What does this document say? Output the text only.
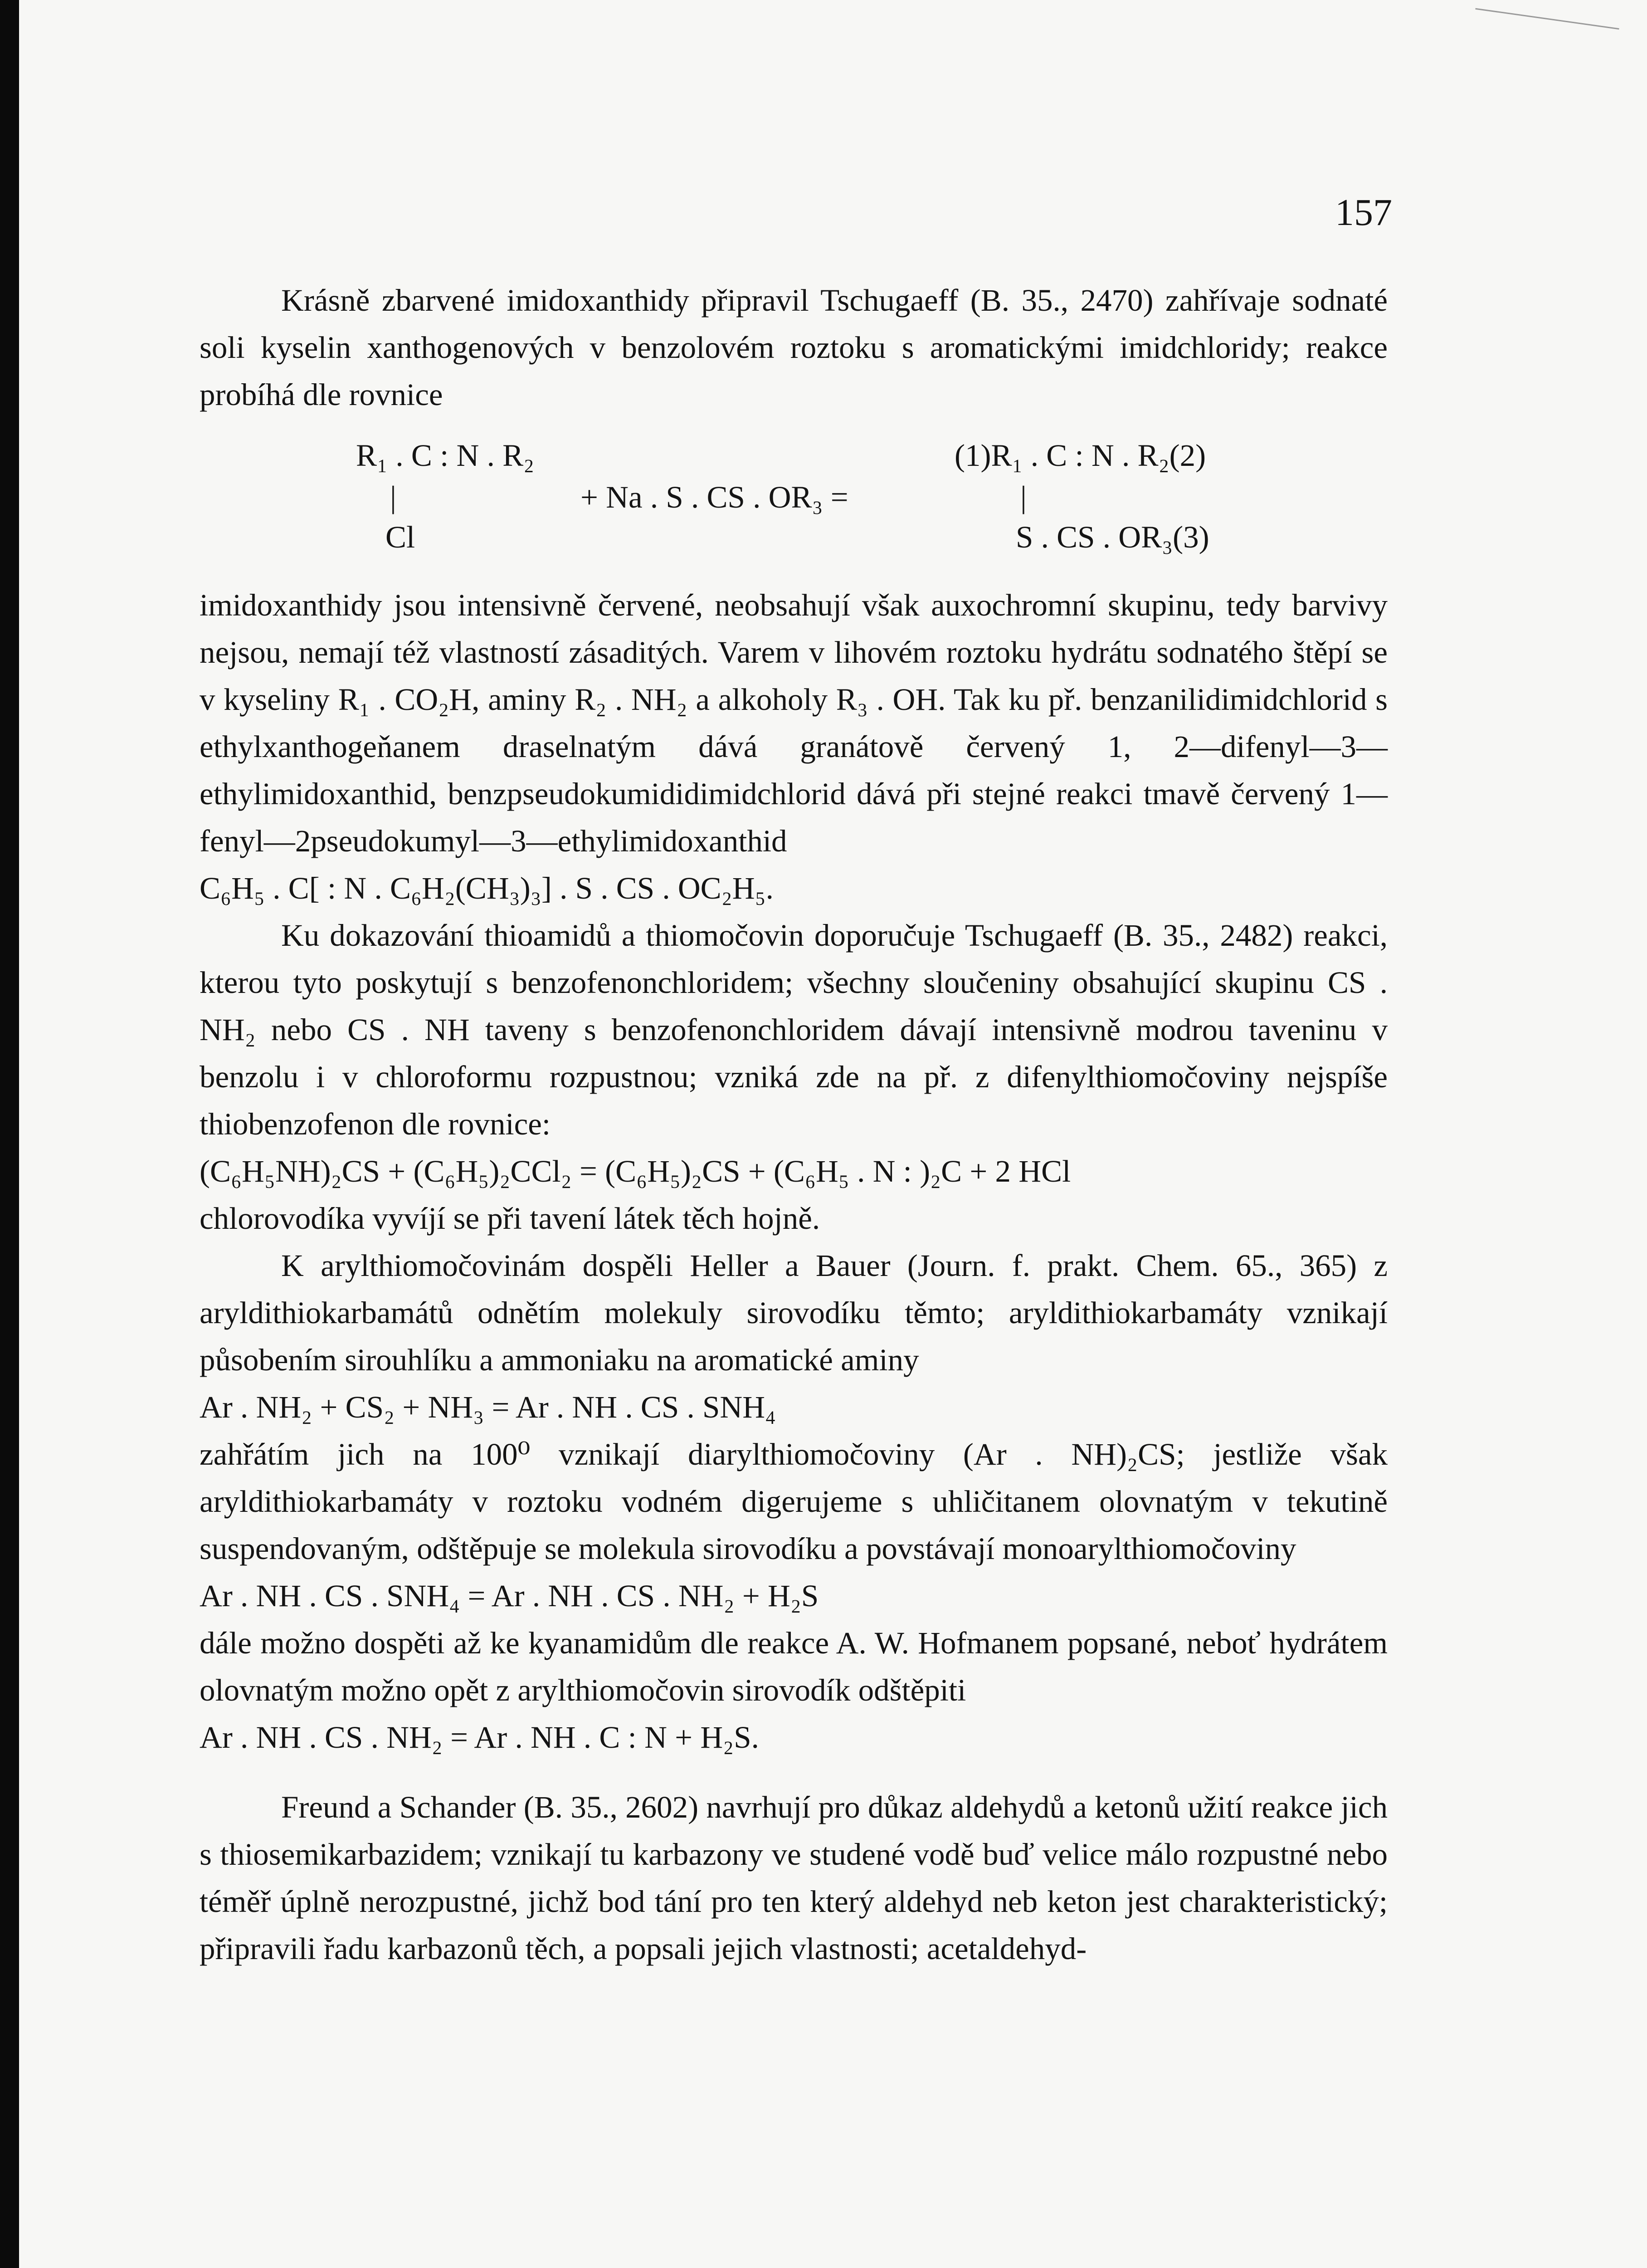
157

Krásně zbarvené imidoxanthidy připravil Tschugaeff (B. 35., 2470) zahřívaje sodnaté soli kyselin xanthogenových v benzolovém roztoku s aromatickými imidchloridy; reakce probíhá dle rovnice

R₁ . C : N . R₂
|
Cl
+ Na . S . CS . OR₃ =
(1)R₁ . C : N . R₂(2)
|
S . CS . OR₃(3)

imidoxanthidy jsou intensivně červené, neobsahují však auxochromní skupinu, tedy barvivy nejsou, nemají též vlastností zásaditých. Varem v lihovém roztoku hydrátu sodnatého štěpí se v kyseliny R₁ . CO₂H, aminy R₂ . NH₂ a alkoholy R₃ . OH. Tak ku př. benzanilidimidchlorid s ethylxanthogeňanem draselnatým dává granátově červený 1, 2—difenyl—3—ethylimidoxanthid, benzpseudokumididimidchlorid dává při stejné reakci tmavě červený 1—fenyl—2pseudokumyl—3—ethylimidoxanthid

C₆H₅ . C[ : N . C₆H₂(CH₃)₃] . S . CS . OC₂H₅.

Ku dokazování thioamidů a thiomočovin doporučuje Tschugaeff (B. 35., 2482) reakci, kterou tyto poskytují s benzofenonchloridem; všechny sloučeniny obsahující skupinu CS . NH₂ nebo CS . NH taveny s benzofenonchloridem dávají intensivně modrou taveninu v benzolu i v chloroformu rozpustnou; vzniká zde na př. z difenylthiomočoviny nejspíše thiobenzofenon dle rovnice:

(C₆H₅NH)₂CS + (C₆H₅)₂CCl₂ = (C₆H₅)₂CS + (C₆H₅ . N : )₂C + 2 HCl

chlorovodíka vyvíjí se při tavení látek těch hojně.

K arylthiomočovinám dospěli Heller a Bauer (Journ. f. prakt. Chem. 65., 365) z aryldithiokarbamátů odnětím molekuly sirovodíku těmto; aryldithiokarbamáty vznikají působením sirouhlíku a ammoniaku na aromatické aminy

Ar . NH₂ + CS₂ + NH₃ = Ar . NH . CS . SNH₄

zahřátím jich na 100⁰ vznikají diarylthiomočoviny (Ar . NH)₂CS; jestliže však aryldithiokarbamáty v roztoku vodném digerujeme s uhličitanem olovnatým v tekutině suspendovaným, odštěpuje se molekula sirovodíku a povstávají monoarylthiomočoviny

Ar . NH . CS . SNH₄ = Ar . NH . CS . NH₂ + H₂S

dále možno dospěti až ke kyanamidům dle reakce A. W. Hofmanem popsané, neboť hydrátem olovnatým možno opět z arylthiomočovin sirovodík odštěpiti

Ar . NH . CS . NH₂ = Ar . NH . C : N + H₂S.

Freund a Schander (B. 35., 2602) navrhují pro důkaz aldehydů a ketonů užití reakce jich s thiosemikarbazidem; vznikají tu karbazony ve studené vodě buď velice málo rozpustné nebo téměř úplně nerozpustné, jichž bod tání pro ten který aldehyd neb keton jest charakteristický; připravili řadu karbazonů těch, a popsali jejich vlastnosti; acetaldehyd-
